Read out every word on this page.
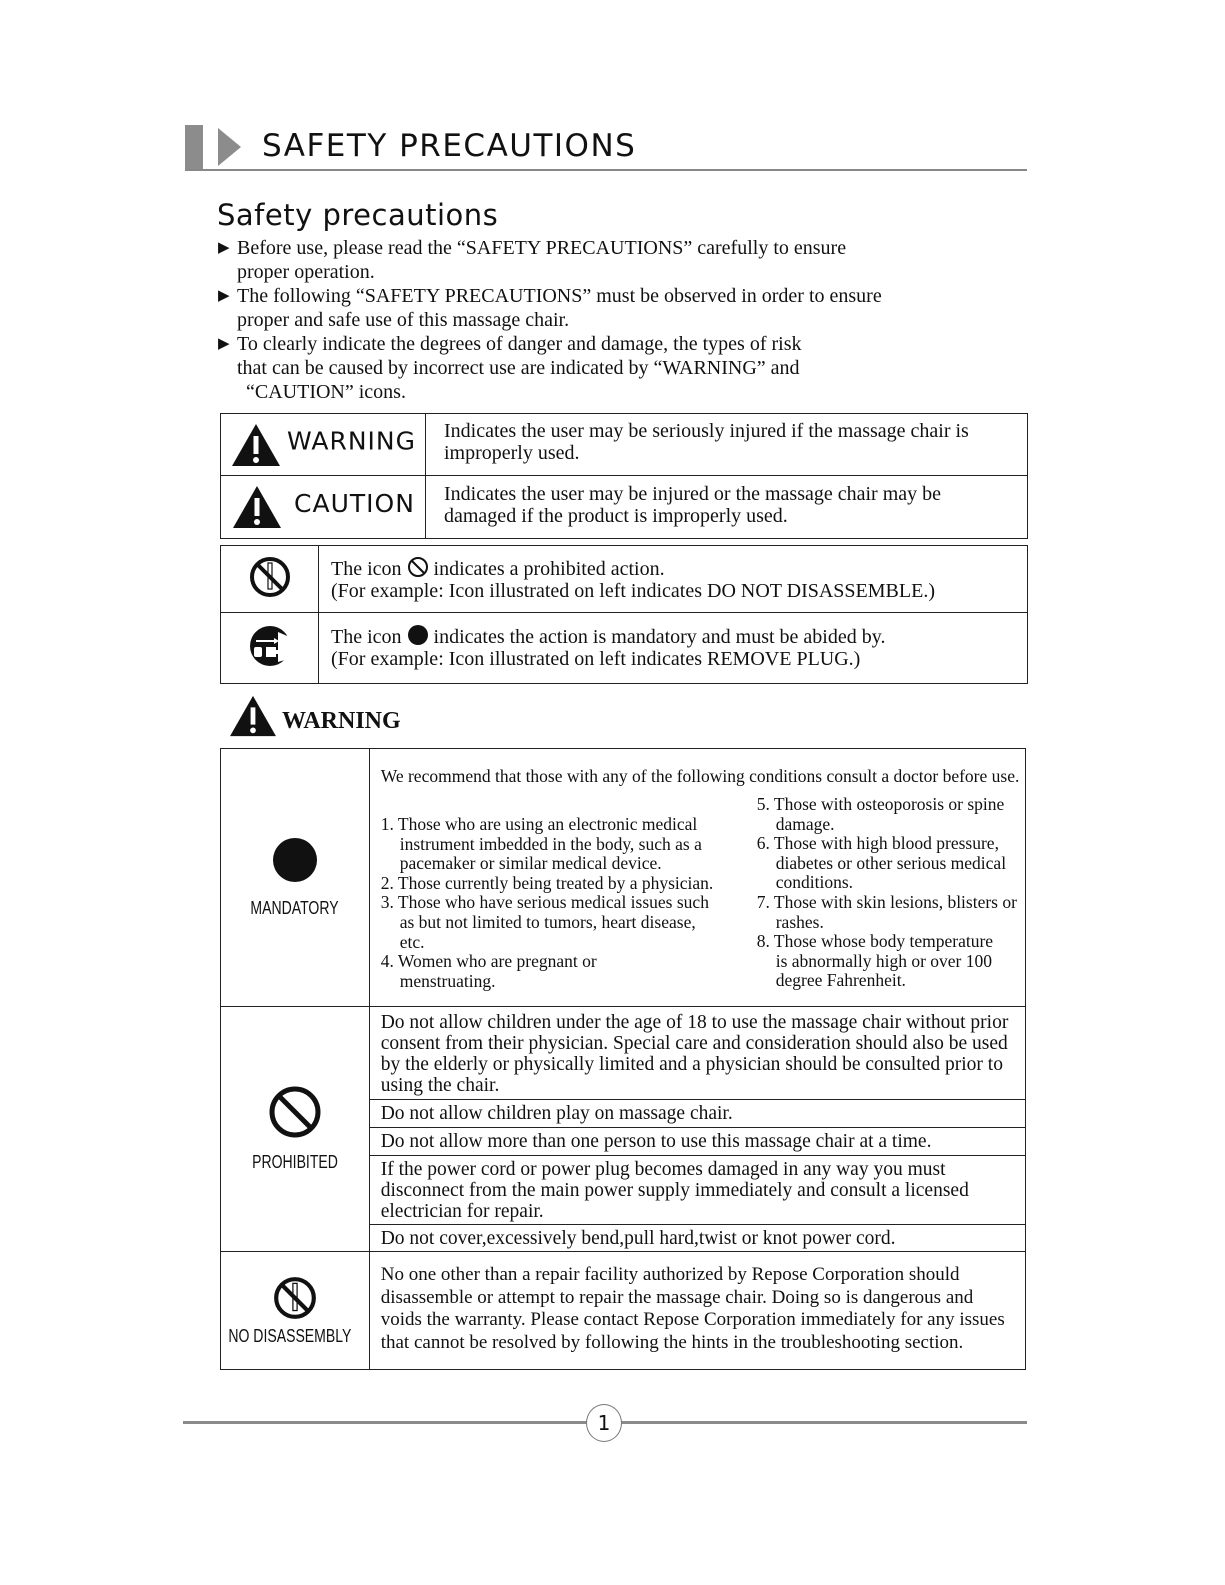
SAFETY PRECAUTIONS
Safety precautions
▶ Before use, please read the “SAFETY PRECAUTIONS” carefully to ensure
proper operation.
▶ The following “SAFETY PRECAUTIONS” must be observed in order to ensure
proper and safe use of this massage chair.
▶ To clearly indicate the degrees of danger and damage, the types of risk
that can be caused by incorrect use are indicated by “WARNING” and
“CAUTION” icons.
WARNING	Indicates the user may be seriously injured if the massage chair is improperly used.
CAUTION	Indicates the user may be injured or the massage chair may be damaged if the product is improperly used.

The icon indicates a prohibited action.
(For example: Icon illustrated on left indicates DO NOT DISASSEMBLE.)

The icon indicates the action is mandatory and must be abided by.
(For example: Icon illustrated on left indicates REMOVE PLUG.)
WARNING

MANDATORY	
We recommend that those with any of the following conditions consult a doctor before use.
1. Those who are using an electronic medical
instrument imbedded in the body, such as a
pacemaker or similar medical device.
2. Those currently being treated by a physician.
3. Those who have serious medical issues such
as but not limited to tumors, heart disease,
etc.
4. Women who are pregnant or
menstruating.
5. Those with osteoporosis or spine
damage.
6. Those with high blood pressure,
diabetes or other serious medical
conditions.
7. Those with skin lesions, blisters or
rashes.
8. Those whose body temperature
is abnormally high or over 100
degree Fahrenheit.

PROHIBITED	
Do not allow children under the age of 18 to use the massage chair without prior consent from their physician. Special care and consideration should also be used by the elderly or physically limited and a physician should be consulted prior to using the chair.
Do not allow children play on massage chair.
Do not allow more than one person to use this massage chair at a time.
If the power cord or power plug becomes damaged in any way you must disconnect from the main power supply immediately and consult a licensed electrician for repair.
Do not cover,excessively bend,pull hard,twist or knot power cord.

NO DISASSEMBLY	No one other than a repair facility authorized by Repose Corporation should disassemble or attempt to repair the massage chair. Doing so is dangerous and voids the warranty. Please contact Repose Corporation immediately for any issues that cannot be resolved by following the hints in the troubleshooting section.
1
